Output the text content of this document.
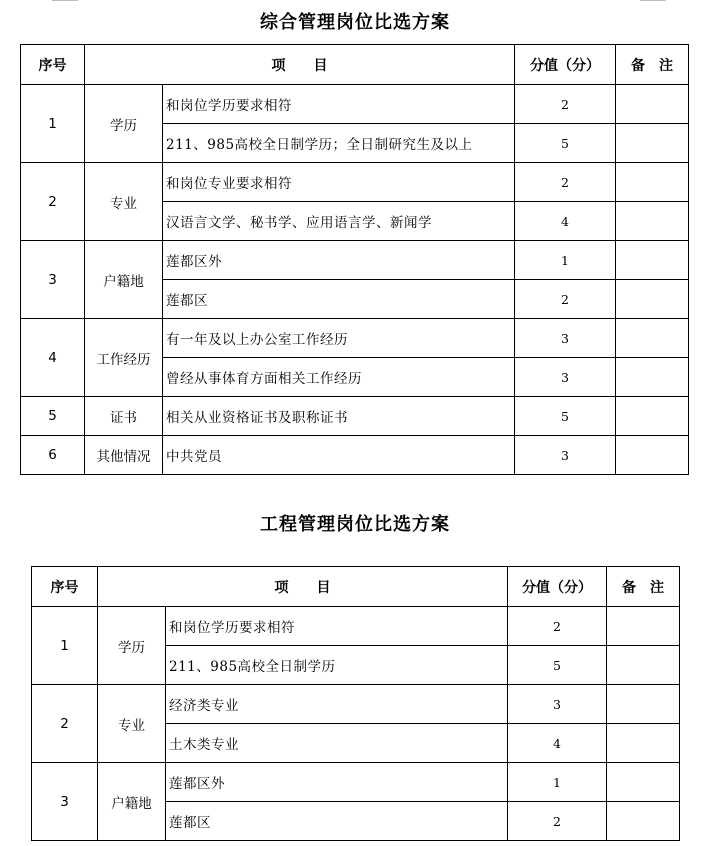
综合管理岗位比选方案
序号	项　　目		分值（分）	备　注
1	学历	和岗位学历要求相符	2	
		211、985高校全日制学历；全日制研究生及以上	5	
2	专业	和岗位专业要求相符	2	
		汉语言文学、秘书学、应用语言学、新闻学	4	
3	户籍地	莲都区外	1	
		莲都区	2	
4	工作经历	有一年及以上办公室工作经历	3	
		曾经从事体育方面相关工作经历	3	
5	证书	相关从业资格证书及职称证书	5	
6	其他情况	中共党员	3	
工程管理岗位比选方案
序号	项　　目		分值（分）	备　注
1	学历	和岗位学历要求相符	2	
		211、985高校全日制学历	5	
2	专业	经济类专业	3	
		土木类专业	4	
3	户籍地	莲都区外	1	
		莲都区	2	
